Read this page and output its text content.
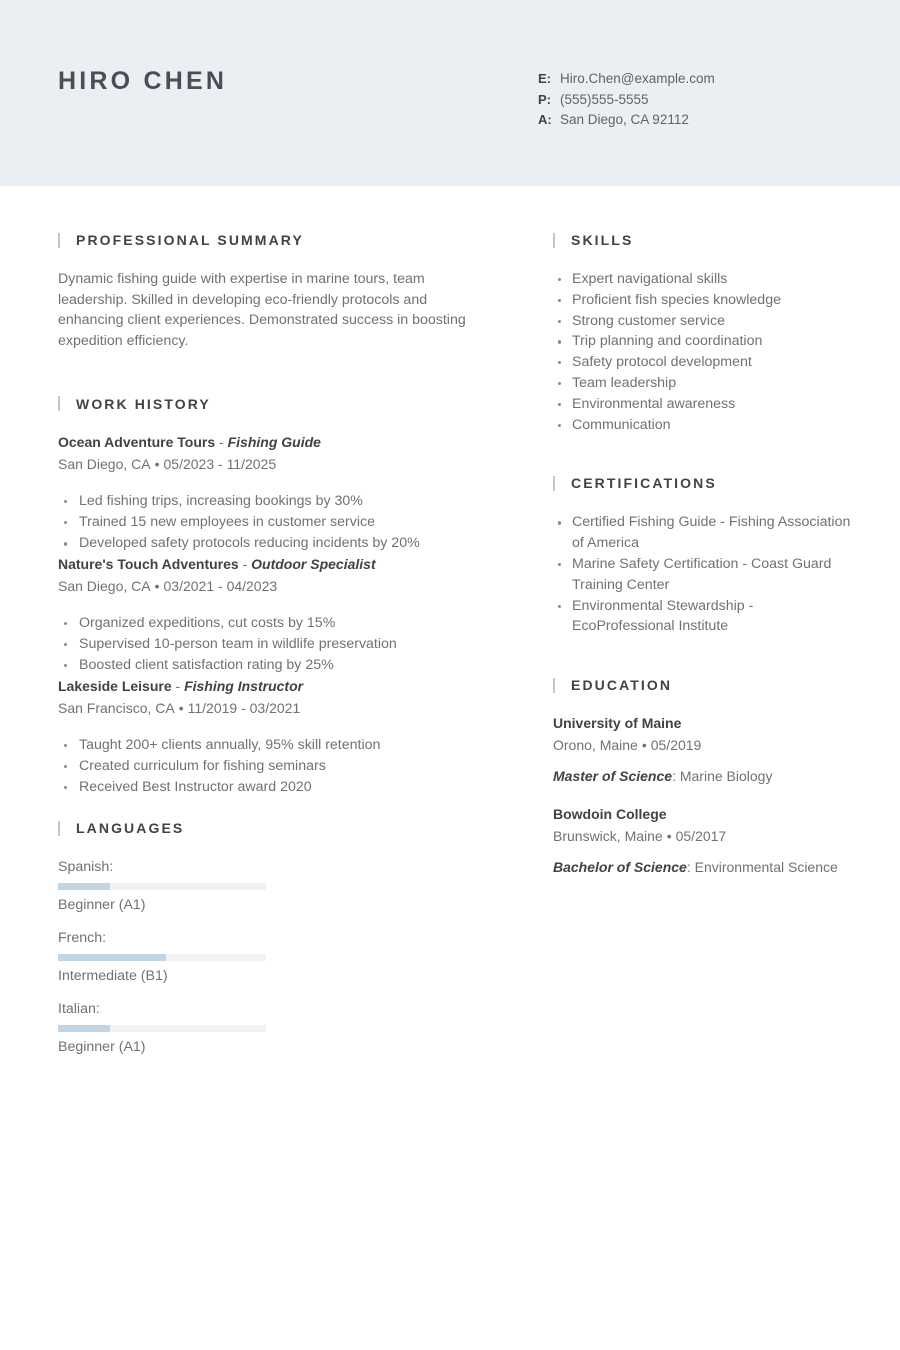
HIRO CHEN	E: Hiro.Chen@example.com
P: (555)555-5555
A: San Diego, CA 92112
PROFESSIONAL SUMMARY

Dynamic fishing guide with expertise in marine tours, team leadership. Skilled in developing eco-friendly protocols and enhancing client experiences. Demonstrated success in boosting expedition efficiency.

WORK HISTORY
Ocean Adventure Tours - Fishing Guide
San Diego, CA • 05/2023 - 11/2025
Led fishing trips, increasing bookings by 30%
Trained 15 new employees in customer service
Developed safety protocols reducing incidents by 20%
Nature's Touch Adventures - Outdoor Specialist
San Diego, CA • 03/2021 - 04/2023
Organized expeditions, cut costs by 15%
Supervised 10-person team in wildlife preservation
Boosted client satisfaction rating by 25%
Lakeside Leisure - Fishing Instructor
San Francisco, CA • 11/2019 - 03/2021
Taught 200+ clients annually, 95% skill retention
Created curriculum for fishing seminars
Received Best Instructor award 2020
LANGUAGES
Spanish:
Beginner (A1)
French:
Intermediate (B1)
Italian:
Beginner (A1)
SKILLS
Expert navigational skills
Proficient fish species knowledge
Strong customer service
Trip planning and coordination
Safety protocol development
Team leadership
Environmental awareness
Communication
CERTIFICATIONS
Certified Fishing Guide - Fishing Association of America
Marine Safety Certification - Coast Guard Training Center
Environmental Stewardship - EcoProfessional Institute
EDUCATION
University of Maine
Orono, Maine • 05/2019
Master of Science: Marine Biology
Bowdoin College
Brunswick, Maine • 05/2017
Bachelor of Science: Environmental Science
